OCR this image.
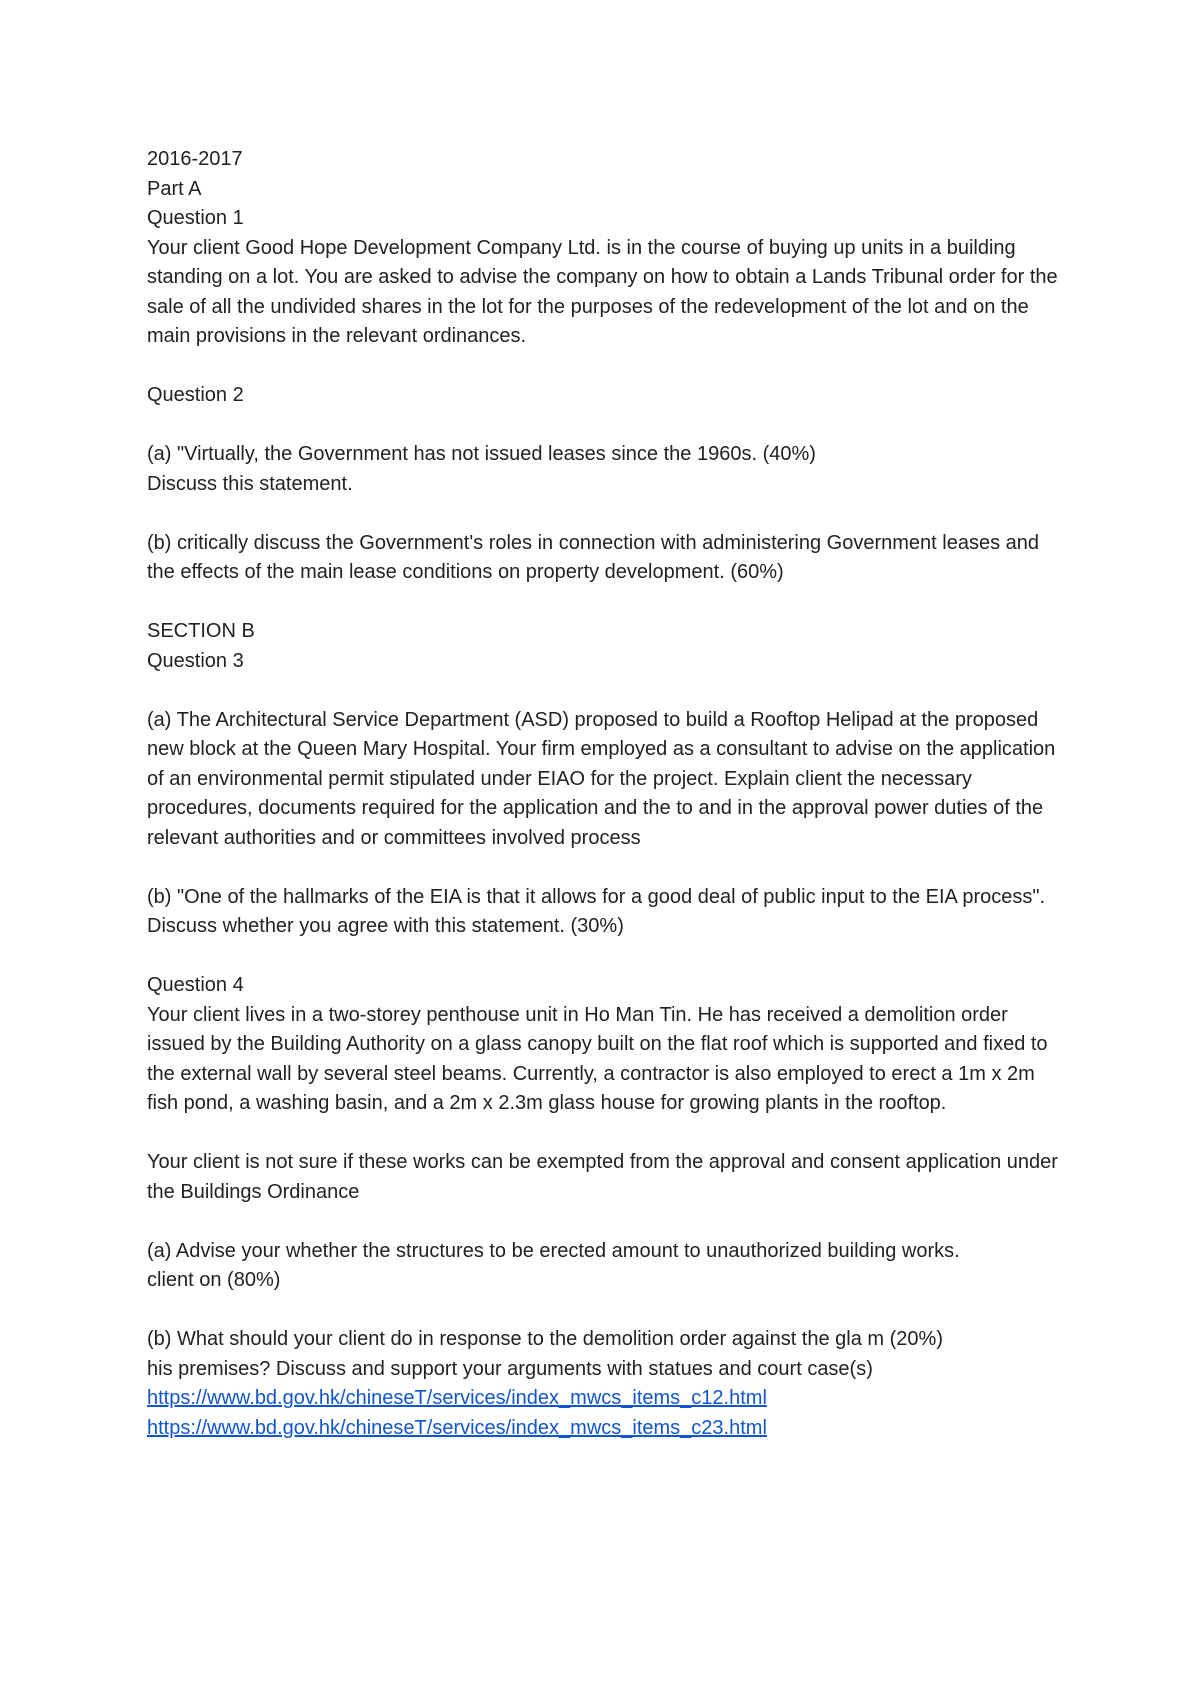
2016-2017

Part A

Question 1

Your client Good Hope Development Company Ltd. is in the course of buying up units in a building standing on a lot. You are asked to advise the company on how to obtain a Lands Tribunal order for the sale of all the undivided shares in the lot for the purposes of the redevelopment of the lot and on the main provisions in the relevant ordinances.

Question 2

(a) "Virtually, the Government has not issued leases since the 1960s. (40%)

Discuss this statement.

(b) critically discuss the Government's roles in connection with administering Government leases and the effects of the main lease conditions on property development. (60%)

SECTION B

Question 3

(a) The Architectural Service Department (ASD) proposed to build a Rooftop Helipad at the proposed new block at the Queen Mary Hospital. Your firm employed as a consultant to advise on the application of an environmental permit stipulated under EIAO for the project. Explain client the necessary procedures, documents required for the application and the to and in the approval power duties of the relevant authorities and or committees involved process

(b) "One of the hallmarks of the EIA is that it allows for a good deal of public input to the EIA process". Discuss whether you agree with this statement. (30%)

Question 4

Your client lives in a two-storey penthouse unit in Ho Man Tin. He has received a demolition order issued by the Building Authority on a glass canopy built on the flat roof which is supported and fixed to the external wall by several steel beams. Currently, a contractor is also employed to erect a 1m x 2m fish pond, a washing basin, and a 2m x 2.3m glass house for growing plants in the rooftop.

Your client is not sure if these works can be exempted from the approval and consent application under the Buildings Ordinance

(a) Advise your whether the structures to be erected amount to unauthorized building works.

client on (80%)

(b) What should your client do in response to the demolition order against the gla m (20%)

his premises? Discuss and support your arguments with statues and court case(s)

https://www.bd.gov.hk/chineseT/services/index_mwcs_items_c12.html
https://www.bd.gov.hk/chineseT/services/index_mwcs_items_c23.html
